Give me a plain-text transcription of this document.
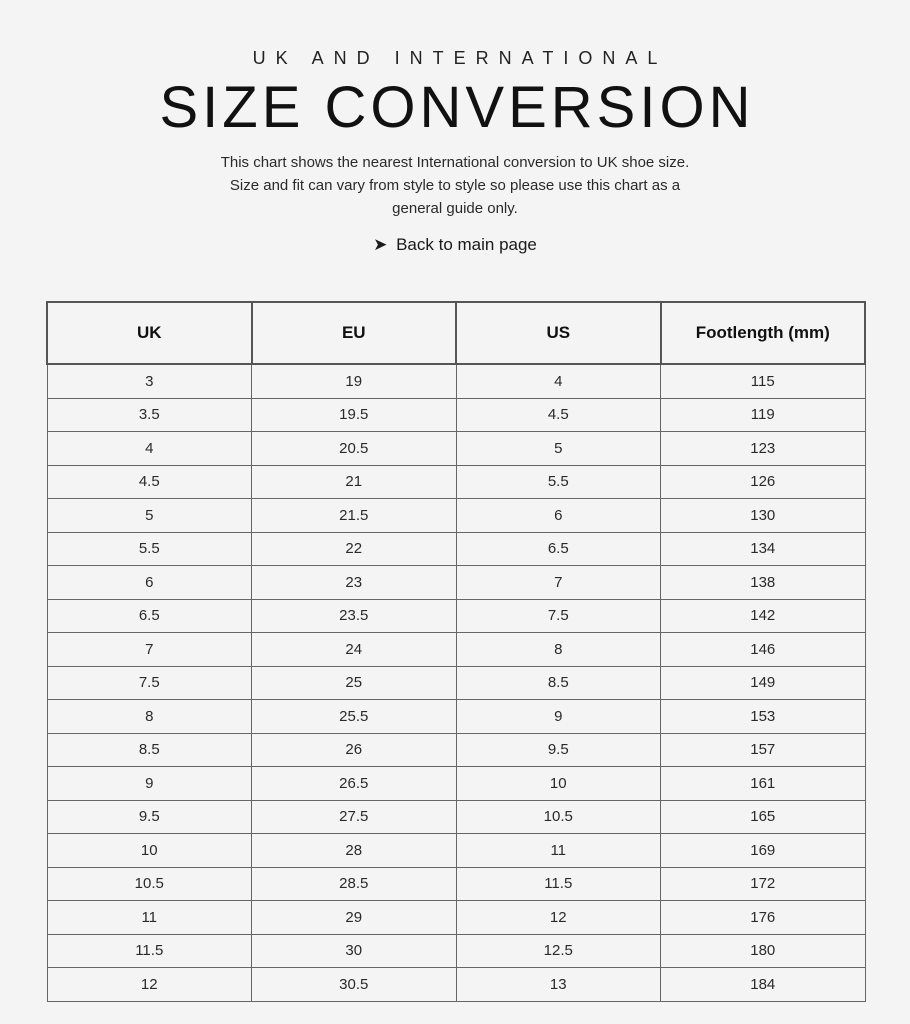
UK AND INTERNATIONAL
SIZE CONVERSION
This chart shows the nearest International conversion to UK shoe size.
Size and fit can vary from style to style so please use this chart as a
general guide only.
➤ Back to main page
UK	EU	US	Footlength (mm)
3	19	4	115
3.5	19.5	4.5	119
4	20.5	5	123
4.5	21	5.5	126
5	21.5	6	130
5.5	22	6.5	134
6	23	7	138
6.5	23.5	7.5	142
7	24	8	146
7.5	25	8.5	149
8	25.5	9	153
8.5	26	9.5	157
9	26.5	10	161
9.5	27.5	10.5	165
10	28	11	169
10.5	28.5	11.5	172
11	29	12	176
11.5	30	12.5	180
12	30.5	13	184
